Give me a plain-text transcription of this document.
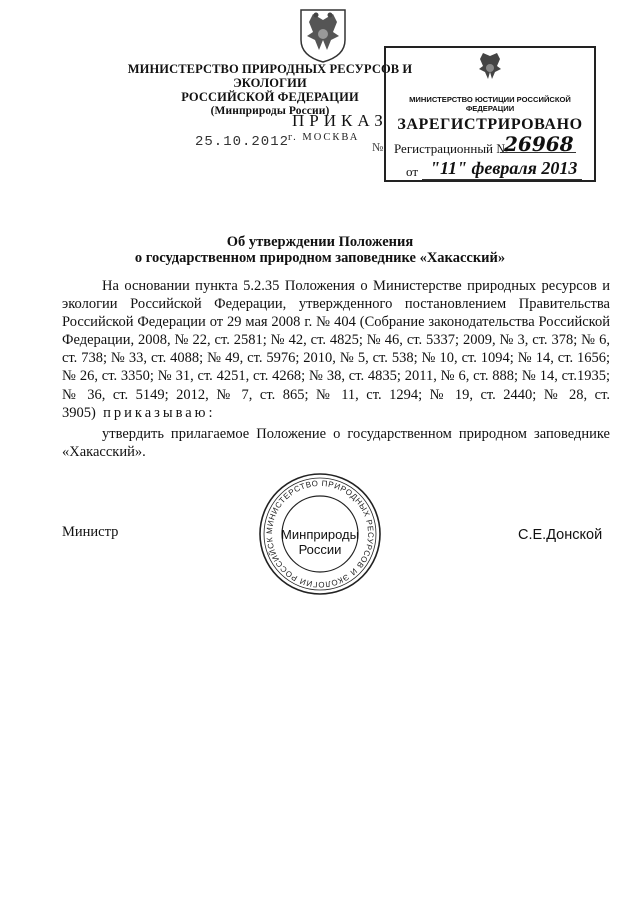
МИНИСТЕРСТВО ПРИРОДНЫХ РЕСУРСОВ И ЭКОЛОГИИ
РОССИЙСКОЙ ФЕДЕРАЦИИ
(Минприроды России)
ПРИКАЗ
25.10.2012
г. МОСКВА
№
МИНИСТЕРСТВО ЮСТИЦИИ РОССИЙСКОЙ ФЕДЕРАЦИИ
ЗАРЕГИСТРИРОВАНО
Регистрационный №
26968
от "11" февраля 2013
Об утверждении Положения
о государственном природном заповеднике «Хакасский»
На основании пункта 5.2.35 Положения о Министерстве природных ресурсов и экологии Российской Федерации, утвержденного постановлением Правительства Российской Федерации от 29 мая 2008 г. № 404 (Собрание законодательства Российской Федерации, 2008, № 22, ст. 2581; № 42, ст. 4825; № 46, ст. 5337; 2009, № 3, ст. 378; № 6, ст. 738; № 33, ст. 4088; № 49, ст. 5976; 2010, № 5, ст. 538; № 10, ст. 1094; № 14, ст. 1656; № 26, ст. 3350; № 31, ст. 4251, ст. 4268; № 38, ст. 4835; 2011, № 6, ст. 888; № 14, ст.1935; № 36, ст. 5149; 2012, № 7, ст. 865; № 11, ст. 1294; № 19, ст. 2440; № 28, ст. 3905) приказываю:
утвердить прилагаемое Положение о государственном природном заповеднике «Хакасский».
МИНИСТЕРСТВО ПРИРОДНЫХ РЕСУРСОВ И ЭКОЛОГИИ РОССИЙСК Минприроды
России
Министр	С.Е.Донской
